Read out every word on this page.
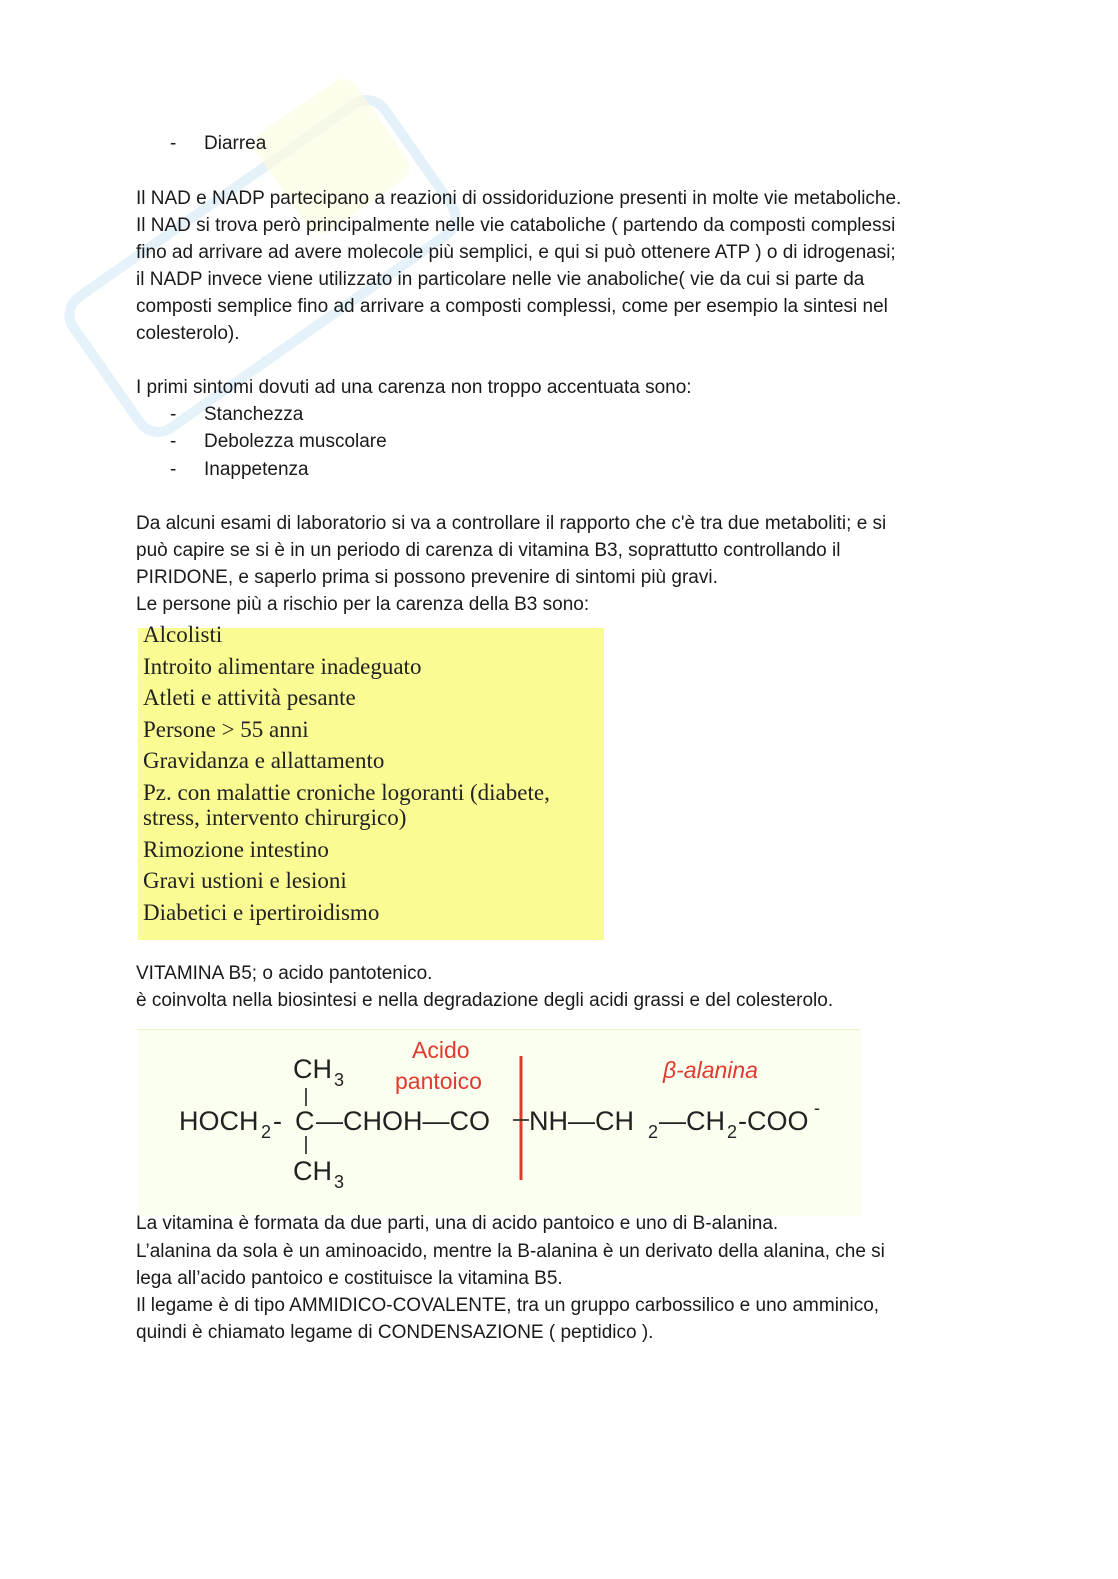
- Diarrea
Il NAD e NADP partecipano a reazioni di ossidoriduzione presenti in molte vie metaboliche.
Il NAD si trova però principalmente nelle vie cataboliche ( partendo da composti complessi
fino ad arrivare ad avere molecole più semplici, e qui si può ottenere ATP ) o di idrogenasi;
il NADP invece viene utilizzato in particolare nelle vie anaboliche( vie da cui si parte da
composti semplice fino ad arrivare a composti complessi, come per esempio la sintesi nel
colesterolo).
I primi sintomi dovuti ad una carenza non troppo accentuata sono:
- Stanchezza
- Debolezza muscolare
- Inappetenza
Da alcuni esami di laboratorio si va a controllare il rapporto che c'è tra due metaboliti; e si
può capire se si è in un periodo di carenza di vitamina B3, soprattutto controllando il
PIRIDONE, e saperlo prima si possono prevenire di sintomi più gravi.
Le persone più a rischio per la carenza della B3 sono:
Alcolisti
Introito alimentare inadeguato
Atleti e attività pesante
Persone > 55 anni
Gravidanza e allattamento
Pz. con malattie croniche logoranti (diabete,
stress, intervento chirurgico)
Rimozione intestino
Gravi ustioni e lesioni
Diabetici e ipertiroidismo
VITAMINA B5; o acido pantotenico.
è coinvolta nella biosintesi e nella degradazione degli acidi grassi e del colesterolo.
Acido
pantoico	β-alanina
CH 3
HOCH 2 - C —CHOH—CO NH—CH 2 —CH 2 -COO -
CH 3
La vitamina è formata da due parti, una di acido pantoico e uno di B-alanina.
L’alanina da sola è un aminoacido, mentre la B-alanina è un derivato della alanina, che si
lega all’acido pantoico e costituisce la vitamina B5.
Il legame è di tipo AMMIDICO-COVALENTE, tra un gruppo carbossilico e uno amminico,
quindi è chiamato legame di CONDENSAZIONE ( peptidico ).
